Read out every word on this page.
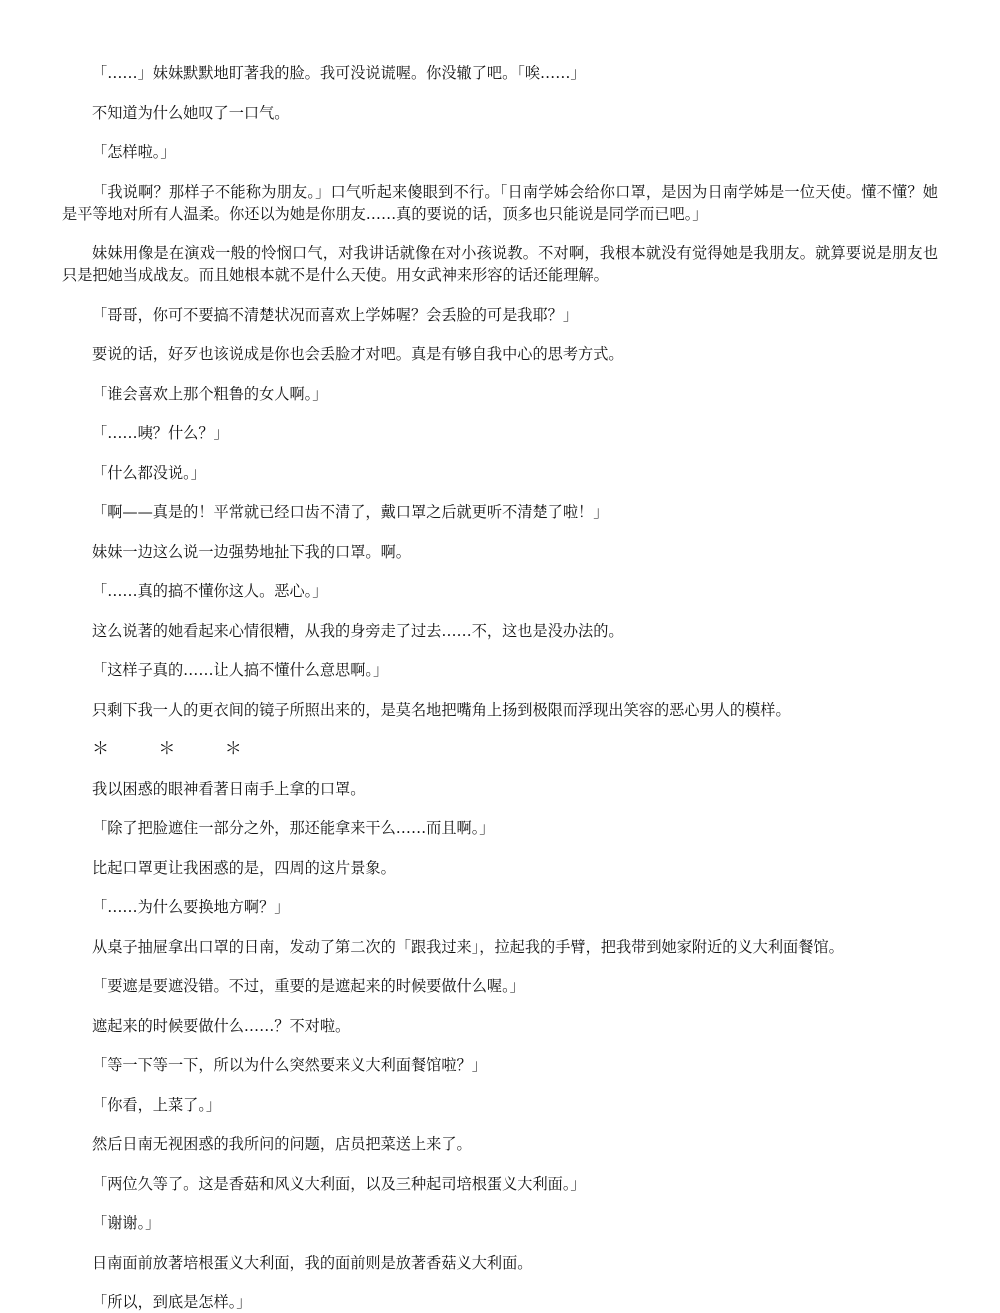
「……」妹妹默默地盯著我的脸。我可没说谎喔。你没辙了吧。「唉……」

不知道为什么她叹了一口气。

「怎样啦。」

「我说啊？那样子不能称为朋友。」口气听起来傻眼到不行。「日南学姊会给你口罩，是因为日南学姊是一位天使。懂不懂？她是平等地对所有人温柔。你还以为她是你朋友……真的要说的话，顶多也只能说是同学而已吧。」

妹妹用像是在演戏一般的怜悯口气，对我讲话就像在对小孩说教。不对啊，我根本就没有觉得她是我朋友。就算要说是朋友也只是把她当成战友。而且她根本就不是什么天使。用女武神来形容的话还能理解。

「哥哥，你可不要搞不清楚状况而喜欢上学姊喔？会丢脸的可是我耶？」

要说的话，好歹也该说成是你也会丢脸才对吧。真是有够自我中心的思考方式。

「谁会喜欢上那个粗鲁的女人啊。」

「……咦？什么？」

「什么都没说。」

「啊——真是的！平常就已经口齿不清了，戴口罩之后就更听不清楚了啦！」

妹妹一边这么说一边强势地扯下我的口罩。啊。

「……真的搞不懂你这人。恶心。」

这么说著的她看起来心情很糟，从我的身旁走了过去……不，这也是没办法的。

「这样子真的……让人搞不懂什么意思啊。」

只剩下我一人的更衣间的镜子所照出来的，是莫名地把嘴角上扬到极限而浮现出笑容的恶心男人的模样。

＊ ＊ ＊

我以困惑的眼神看著日南手上拿的口罩。

「除了把脸遮住一部分之外，那还能拿来干么……而且啊。」

比起口罩更让我困惑的是，四周的这片景象。

「……为什么要换地方啊？」

从桌子抽屉拿出口罩的日南，发动了第二次的「跟我过来」，拉起我的手臂，把我带到她家附近的义大利面餐馆。

「要遮是要遮没错。不过，重要的是遮起来的时候要做什么喔。」

遮起来的时候要做什么……？不对啦。

「等一下等一下，所以为什么突然要来义大利面餐馆啦？」

「你看，上菜了。」

然后日南无视困惑的我所问的问题，店员把菜送上来了。

「两位久等了。这是香菇和风义大利面，以及三种起司培根蛋义大利面。」

「谢谢。」

日南面前放著培根蛋义大利面，我的面前则是放著香菇义大利面。

「所以，到底是怎样。」
